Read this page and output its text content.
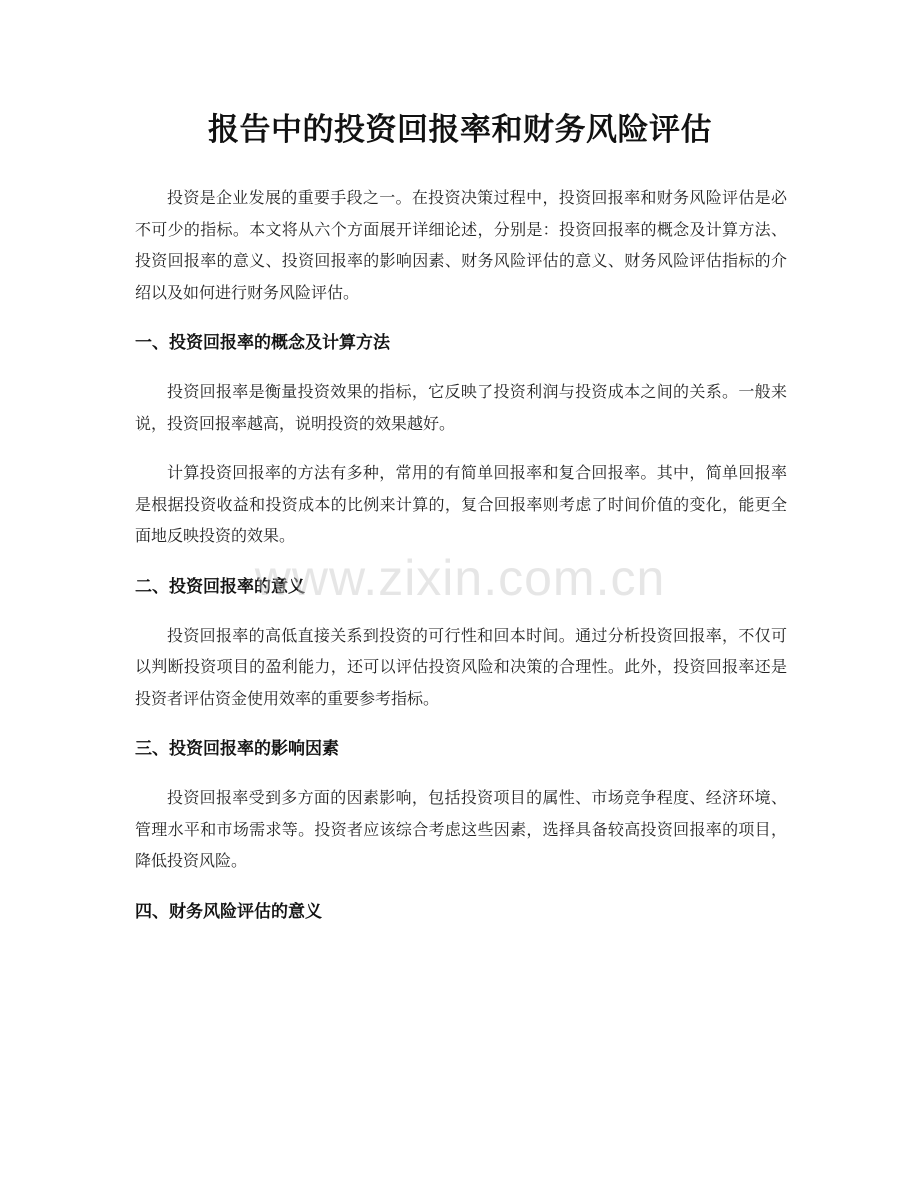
报告中的投资回报率和财务风险评估

投资是企业发展的重要手段之一。在投资决策过程中，投资回报率和财务风险评估是必不可少的指标。本文将从六个方面展开详细论述，分别是：投资回报率的概念及计算方法、投资回报率的意义、投资回报率的影响因素、财务风险评估的意义、财务风险评估指标的介绍以及如何进行财务风险评估。

一、投资回报率的概念及计算方法

投资回报率是衡量投资效果的指标，它反映了投资利润与投资成本之间的关系。一般来说，投资回报率越高，说明投资的效果越好。

计算投资回报率的方法有多种，常用的有简单回报率和复合回报率。其中，简单回报率是根据投资收益和投资成本的比例来计算的，复合回报率则考虑了时间价值的变化，能更全面地反映投资的效果。

二、投资回报率的意义

投资回报率的高低直接关系到投资的可行性和回本时间。通过分析投资回报率，不仅可以判断投资项目的盈利能力，还可以评估投资风险和决策的合理性。此外，投资回报率还是投资者评估资金使用效率的重要参考指标。

三、投资回报率的影响因素

投资回报率受到多方面的因素影响，包括投资项目的属性、市场竞争程度、经济环境、管理水平和市场需求等。投资者应该综合考虑这些因素，选择具备较高投资回报率的项目，降低投资风险。

四、财务风险评估的意义
www.zixin.com.cn
